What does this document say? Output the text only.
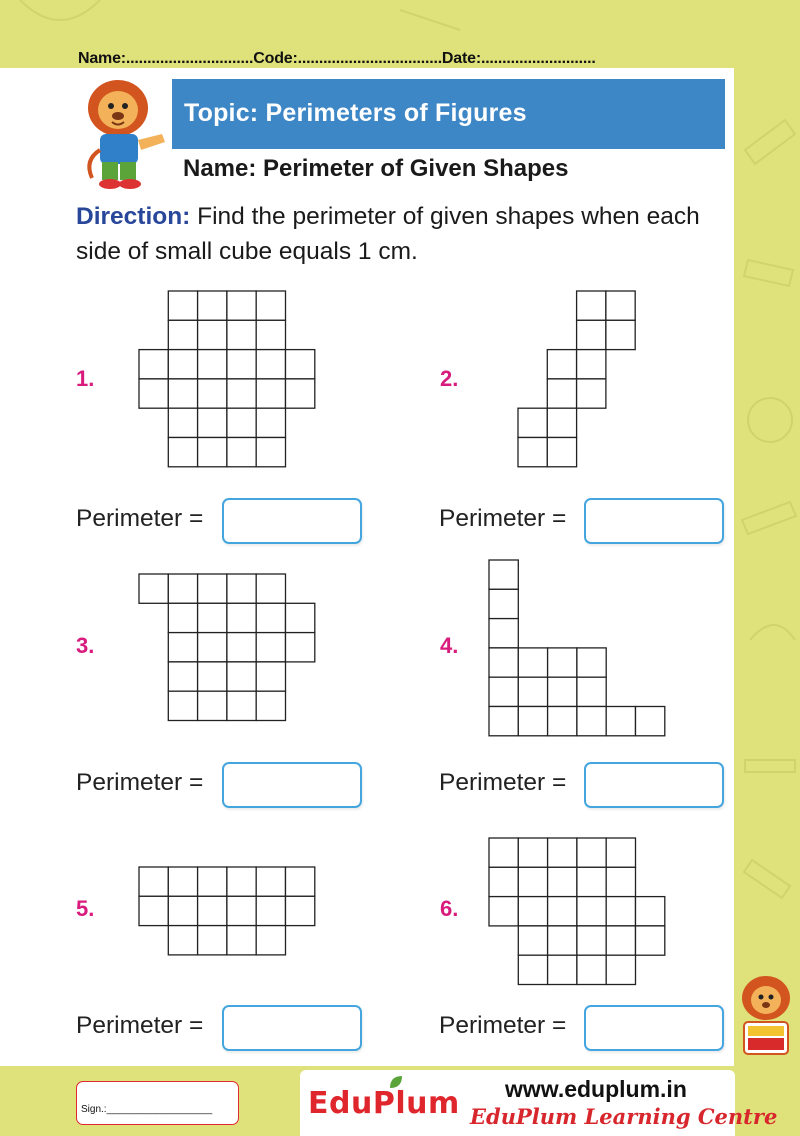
Name:..............................Code:..................................Date:...........................
Topic: Perimeters of Figures
Name: Perimeter of Given Shapes
Direction: Find the perimeter of given shapes when each side of small cube equals 1 cm.
1.
Perimeter =
2.
Perimeter =
3.
Perimeter =
4.
Perimeter =
5.
Perimeter =
6.
Perimeter =
Sign.:___________________	EduPlum www.eduplum.in
EduPlum Learning Centre
